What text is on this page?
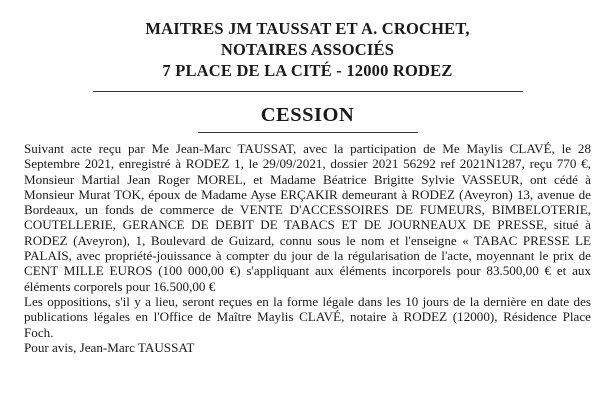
MAITRES JM TAUSSAT ET A. CROCHET,
NOTAIRES ASSOCIÉS
7 PLACE DE LA CITÉ - 12000 RODEZ
CESSION

Suivant acte reçu par Me Jean-Marc TAUSSAT, avec la participation de Me Maylis CLAVÉ, le 28 Septembre 2021, enregistré à RODEZ 1, le 29/09/2021, dossier 2021 56292 ref 2021N1287, reçu 770 €, Monsieur Martial Jean Roger MOREL, et Madame Béatrice Brigitte Sylvie VASSEUR, ont cédé à Monsieur Murat TOK, époux de Madame Ayse ERÇAKIR demeurant à RODEZ (Aveyron) 13, avenue de Bordeaux, un fonds de commerce de VENTE D'ACCESSOIRES DE FUMEURS, BIMBELOTERIE, COUTELLERIE, GERANCE DE DEBIT DE TABACS ET DE JOURNEAUX DE PRESSE, situé à RODEZ (Aveyron), 1, Boulevard de Guizard, connu sous le nom et l'enseigne « TABAC PRESSE LE PALAIS, avec propriété-jouissance à compter du jour de la régularisation de l'acte, moyennant le prix de CENT MILLE EUROS (100 000,00 €) s'appliquant aux éléments incorporels pour 83.500,00 € et aux éléments corporels pour 16.500,00 €

Les oppositions, s'il y a lieu, seront reçues en la forme légale dans les 10 jours de la dernière en date des publications légales en l'Office de Maître Maylis CLAVÉ, notaire à RODEZ (12000), Résidence Place Foch.

Pour avis, Jean-Marc TAUSSAT
